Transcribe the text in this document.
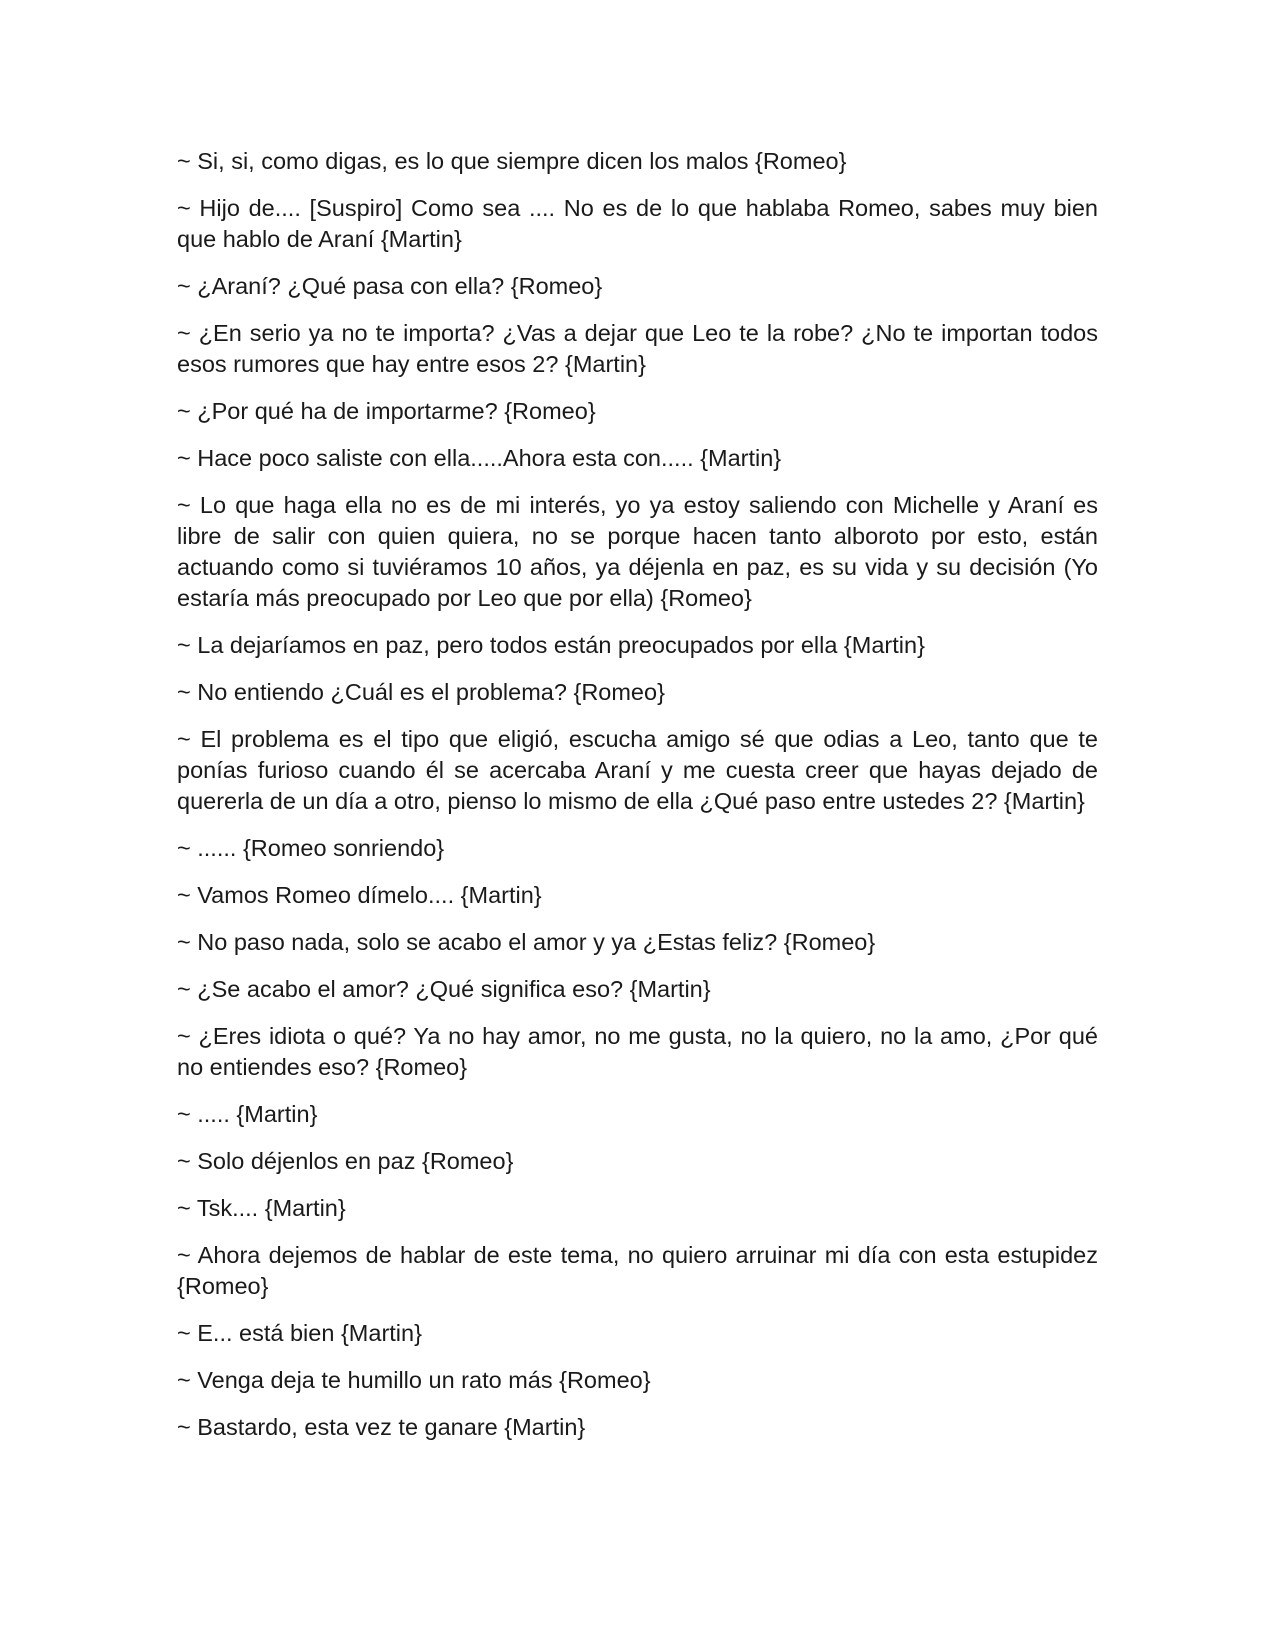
~ Si, si, como digas, es lo que siempre dicen los malos {Romeo}

~ Hijo de.... [Suspiro] Como sea .... No es de lo que hablaba Romeo, sabes muy bien que hablo de Araní {Martin}

~ ¿Araní? ¿Qué pasa con ella? {Romeo}

~ ¿En serio ya no te importa? ¿Vas a dejar que Leo te la robe? ¿No te importan todos esos rumores que hay entre esos 2? {Martin}

~ ¿Por qué ha de importarme? {Romeo}

~ Hace poco saliste con ella.....Ahora esta con..... {Martin}

~ Lo que haga ella no es de mi interés, yo ya estoy saliendo con Michelle y Araní es libre de salir con quien quiera, no se porque hacen tanto alboroto por esto, están actuando como si tuviéramos 10 años, ya déjenla en paz, es su vida y su decisión (Yo estaría más preocupado por Leo que por ella) {Romeo}

~ La dejaríamos en paz, pero todos están preocupados por ella {Martin}

~ No entiendo ¿Cuál es el problema? {Romeo}

~ El problema es el tipo que eligió, escucha amigo sé que odias a Leo, tanto que te ponías furioso cuando él se acercaba Araní y me cuesta creer que hayas dejado de quererla de un día a otro, pienso lo mismo de ella ¿Qué paso entre ustedes 2? {Martin}

~ ...... {Romeo sonriendo}

~ Vamos Romeo dímelo.... {Martin}

~ No paso nada, solo se acabo el amor y ya ¿Estas feliz? {Romeo}

~ ¿Se acabo el amor? ¿Qué significa eso? {Martin}

~ ¿Eres idiota o qué? Ya no hay amor, no me gusta, no la quiero, no la amo, ¿Por qué no entiendes eso? {Romeo}

~ ..... {Martin}

~ Solo déjenlos en paz {Romeo}

~ Tsk.... {Martin}

~ Ahora dejemos de hablar de este tema, no quiero arruinar mi día con esta estupidez {Romeo}

~ E... está bien {Martin}

~ Venga deja te humillo un rato más {Romeo}

~ Bastardo, esta vez te ganare {Martin}
